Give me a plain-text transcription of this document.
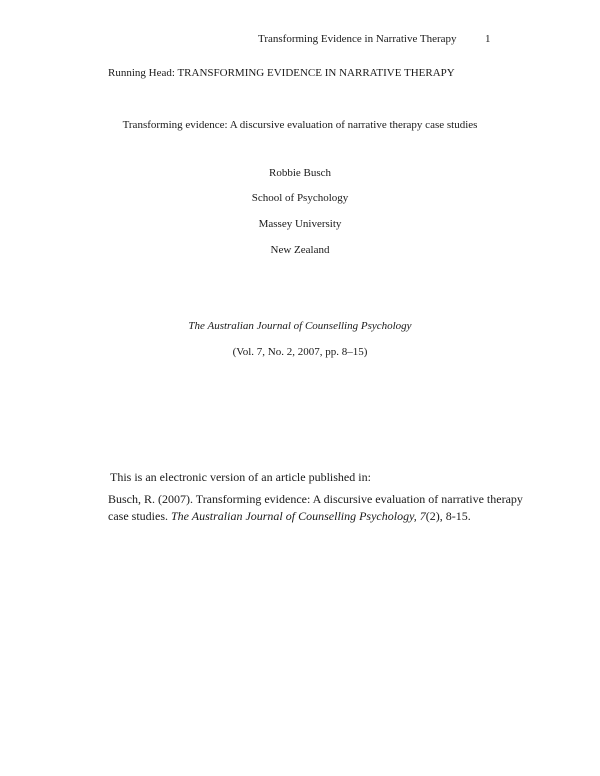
Transforming Evidence in Narrative Therapy	1
Running Head: TRANSFORMING EVIDENCE IN NARRATIVE THERAPY
Transforming evidence: A discursive evaluation of narrative therapy case studies
Robbie Busch
School of Psychology
Massey University
New Zealand
The Australian Journal of Counselling Psychology
(Vol. 7, No. 2, 2007, pp. 8–15)
This is an electronic version of an article published in:
Busch, R. (2007). Transforming evidence: A discursive evaluation of narrative therapy
case studies. The Australian Journal of Counselling Psychology, 7(2), 8-15.
